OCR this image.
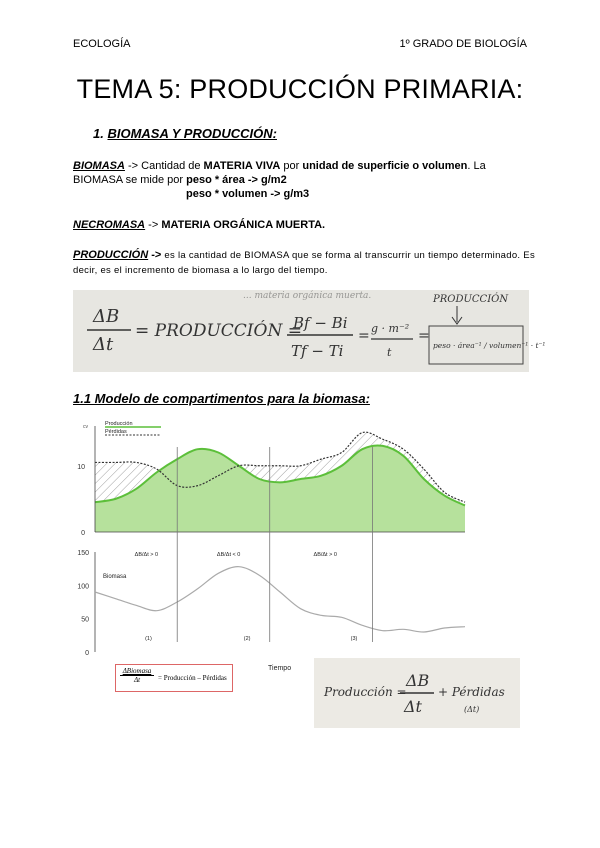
ECOLOGÍA	1º GRADO DE BIOLOGÍA
TEMA 5: PRODUCCIÓN PRIMARIA:
1. BIOMASA Y PRODUCCIÓN:
BIOMASA -> Cantidad de MATERIA VIVA por unidad de superficie o volumen. La BIOMASA se mide por peso * área -> g/m2
peso * volumen -> g/m3
NECROMASA -> MATERIA ORGÁNICA MUERTA.
PRODUCCIÓN -> es la cantidad de BIOMASA que se forma al transcurrir un tiempo determinado. Es decir, es el incremento de biomasa a lo largo del tiempo.
... materia orgánica muerta.
ΔB
Δt
= PRODUCCIÓN =
Bf − Bi
Tf − Ti
= g · m⁻²
t
=
PRODUCCIÓN
peso · área⁻¹ / volumen⁻¹ · t⁻¹
1.1 Modelo de compartimentos para la biomasa:
cv
10
0
Producción
Pérdidas
150
100
50
0
Biomasa
ΔB/Δt > 0	ΔB/Δt < 0	ΔB/Δt > 0
(1)	(2)	(3)
Tiempo
ΔBiomasa
Δt	= Producción – Pérdidas
Producción =
ΔB
Δt
+ Pérdidas
(Δt)
